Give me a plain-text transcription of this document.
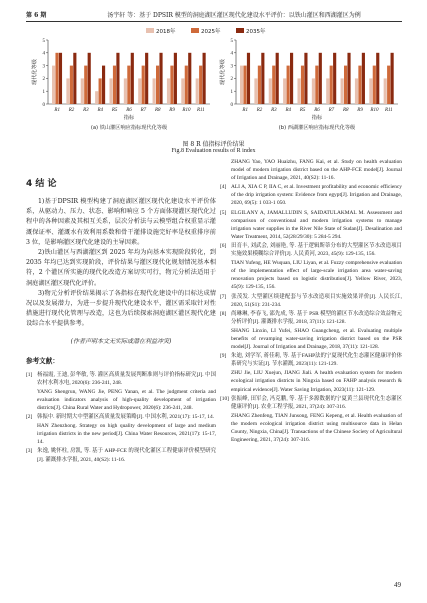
第 6 期	汤宇轩 等：基于 DPSIR 模型的洞庭湖区灌区现代化建设水平评价：以铁山灌区和西湖灌区为例
2018年	2025年	2035年
0
1
2
3
4
5
现代化等级
R1 R2 R3 R4 R5 R6 R7 R8 R9 R10 R11
指标
(a) 铁山灌区响应指标现代化等级
0
1
2
3
4
5
现代化等级
R1 R2 R3 R4 R5 R6 R7 R8 R9 R10 R11
指标
(b) 西湖灌区响应指标现代化等级
图 8 R 值指标评价结果
Fig.8 Evaluation results of R index
4 结 论

1)基于DPSIR 模型构建了洞庭湖区灌区现代化建设水平评价体系，从驱动力、压力、状态、影响和响应 5 个方面体现灌区现代化过程中的各种因素及其相互关系，层次分析法与云模型组合权重显示灌溉保证率、灌溉水有效利用系数和骨干灌排设施完好率是权重排序前 3 位，是影响灌区现代化建设的主导因素。

2)铁山灌区与西湖灌区到 2025 年均为向基本实现阶段转化，到 2035 年均已达到实现阶段，评价结果与灌区现代化规划情况基本相符，2 个灌区所实施的现代化改造方案切实可行，物元分析法适用于洞庭湖区灌区现代化评价。

3)物元分析评价结果揭示了各指标在现代化建设中的目标达成情况以及发展潜力，为进一步提升现代化建设水平，灌区需采取针对性措施进行现代化管理与改造，这也为后续探索洞庭湖区灌区现代化建设综合水平提供参考。

(作者声明本文无实际或潜在利益冲突)
参考文献：

[1] 杨福霞, 王迪, 彭华敏, 等. 灌区高质量发展判断准则与评价指标研究[J]. 中国农村水利水电, 2020(6): 236-241, 248.

YANG Shengrun, WANG Jie, PENG Yanan, et al. The judgment criteria and evaluation indicators analysis of high-quality development of irrigation districts[J]. China Rural Water and Hydropower, 2020(6): 236-241, 248.

[2] 韩振中. 新时期大中型灌区高质量发展策略[J]. 中国水利, 2021(17): 15-17, 14.

HAN Zhenzhong. Strategy on high quality development of large and medium irrigation districts in the new period[J]. China Water Resources, 2021(17): 15-17, 14.

[3] 朱逸, 姚怀柱, 房凯, 等. 基于 AHP-FCE 的现代化灌区工程健康评价模型研究[J]. 灌溉排水学报, 2021, 40(S2): 11-16.

ZHANG Yao, YAO Huaizhu, FANG Kai, et al. Study on health evaluation model of modern irrigation district based on the AHP-FCE model[J]. Journal of Irrigation and Drainage, 2021, 40(S2): 11-16.

[4] ALI A, XIA C P, IIA C, et al. Investment profitability and economic efficiency of the drip irrigation system: Evidence from egypt[J]. Irrigation and Drainage, 2020, 69(5): 1 033-1 050.

[5] ELGILANY A, JAMALLUDIN S, SAIDATULAKMAL M. Assessment and comparison of conventional and modern irrigation systems to manage irrigation water supplies in the River Nile State of Sudan[J]. Desalination and Water Treatment, 2014, 52(28/29/30): 5 284-5 294.

[6] 田育丰, 刘武会, 刘丽艳, 等. 基于逻辑斯蒂分布的大型灌区节水改造项目实施效果模糊综合评价[J]. 人民黄河, 2023, 45(9): 129-135, 156.

TIAN Yufeng, HE Wuquan, LIU Liyan, et al. Fuzzy comprehensive evaluation of the implementation effect of large-scale irrigation area water-saving renovation projects based on logistic distribution[J]. Yellow River, 2023, 45(9): 129-135, 156.

[7] 张茂发. 大型灌区续建配套与节水改造项目实施效果评价[J]. 人民长江, 2020, 51(S1): 231-234.

[8] 尚琳琳, 李春飞, 邵先成, 等. 基于 PSR 模型的灌区节水改造综合效益物元分析评价[J]. 灌溉排水学报, 2018, 37(11): 121-128.

SHANG Linxin, LI Yufei, SHAO Guangcheng, et al. Evaluating multiple benefits of revamping water-saving irrigation district based on the PSR model[J]. Journal of Irrigation and Drainage, 2018, 37(11): 121-128.

[9] 朱迪, 刘学军, 蒋佳莉, 等. 基于FAHP法的宁夏现代化生态灌区健康评价体系研究与实证[J]. 节水灌溉, 2023(11): 121-129.

ZHU Jie, LIU Xuejun, JIANG Jiali. A health evaluation system for modern ecological irrigation districts in Ningxia based on FAHP analysis research & empirical evidence[J]. Water Saving Irrigation, 2023(11): 121-129.

[10] 张振峰, 田军会, 冯克鹏, 等. 基于多源数据的宁夏黄兰县现代化生态灌区健康评价[J]. 农业工程学报, 2021, 37(24): 307-316.

ZHANG Zhenfeng, TIAN Junsong, FENG Kepeng, et al. Health evaluation of the modern ecological irrigation district using multisource data in Helan County, Ningxia, China[J]. Transactions of the Chinese Society of Agricultural Engineering, 2021, 37(24): 307-316.

49
